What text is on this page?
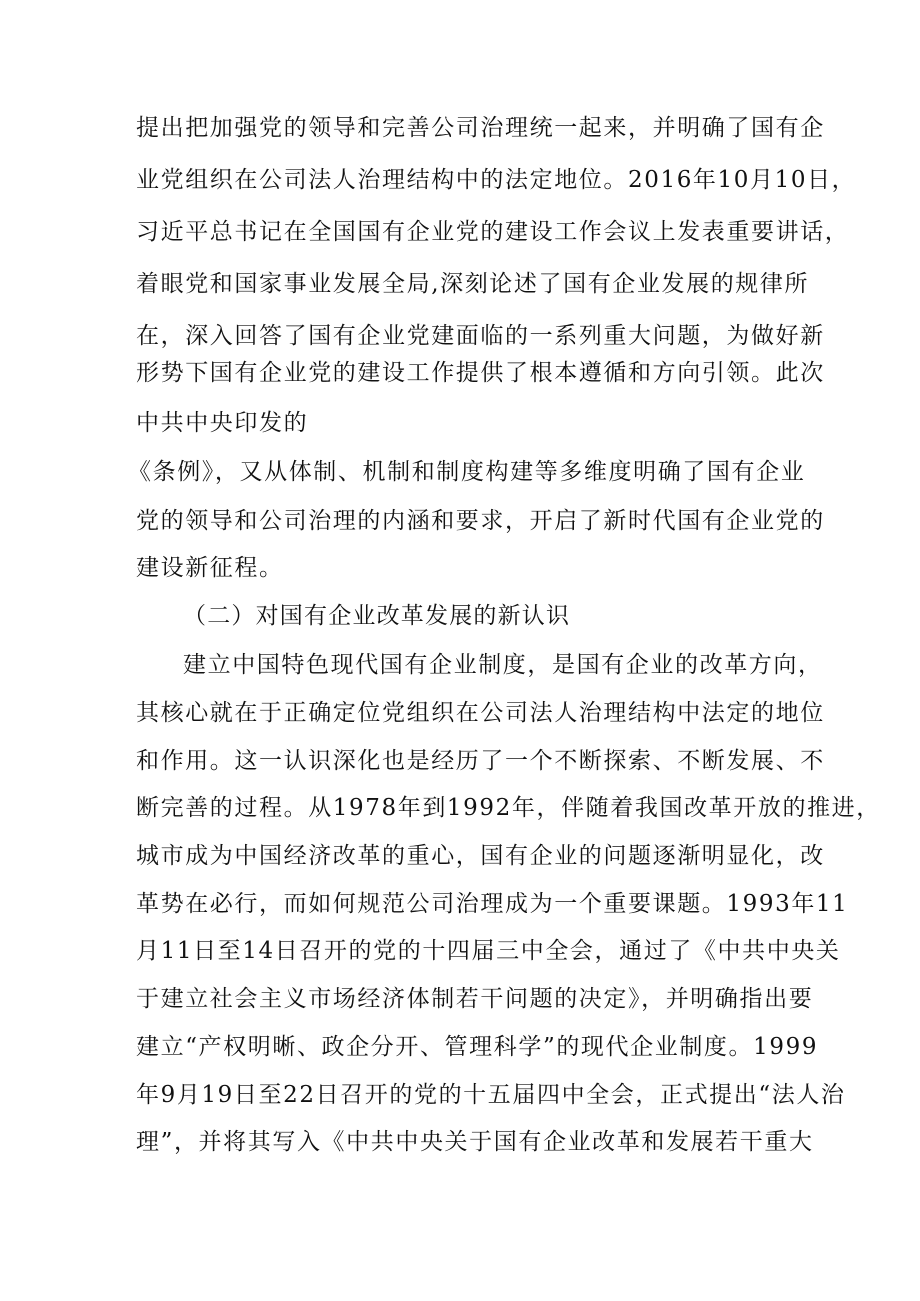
提出把加强党的领导和完善公司治理统一起来，并明确了国有企
业党组织在公司法人治理结构中的法定地位。2016年10月10日，
习近平总书记在全国国有企业党的建设工作会议上发表重要讲话，
着眼党和国家事业发展全局,深刻论述了国有企业发展的规律所
在，深入回答了国有企业党建面临的一系列重大问题，为做好新
形势下国有企业党的建设工作提供了根本遵循和方向引领。此次
中共中央印发的
《条例》，又从体制、机制和制度构建等多维度明确了国有企业
党的领导和公司治理的内涵和要求，开启了新时代国有企业党的
建设新征程。
（二）对国有企业改革发展的新认识
建立中国特色现代国有企业制度，是国有企业的改革方向，
其核心就在于正确定位党组织在公司法人治理结构中法定的地位
和作用。这一认识深化也是经历了一个不断探索、不断发展、不
断完善的过程。从1978年到1992年，伴随着我国改革开放的推进，
城市成为中国经济改革的重心，国有企业的问题逐渐明显化，改
革势在必行，而如何规范公司治理成为一个重要课题。1993年11
月11日至14日召开的党的十四届三中全会，通过了《中共中央关
于建立社会主义市场经济体制若干问题的决定》，并明确指出要
建立“产权明晰、政企分开、管理科学”的现代企业制度。1999
年9月19日至22日召开的党的十五届四中全会，正式提出“法人治
理”，并将其写入《中共中央关于国有企业改革和发展若干重大
